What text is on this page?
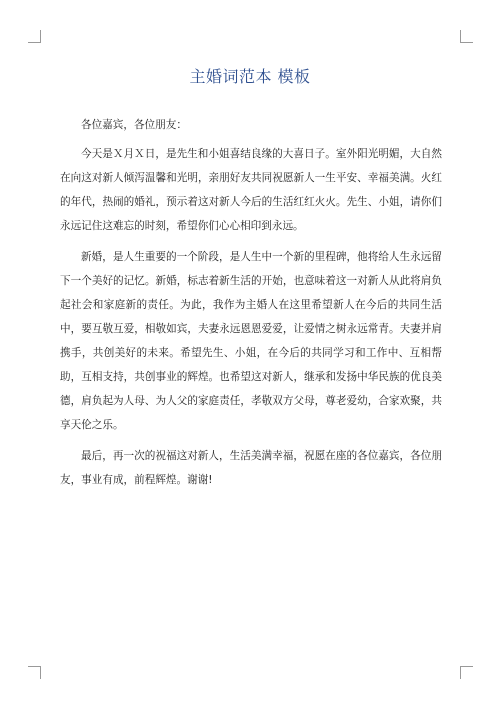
主婚词范本 模板

各位嘉宾，各位朋友：

今天是Ｘ月Ｘ日，是先生和小姐喜结良缘的大喜日子。室外阳光明媚，大自然在向这对新人倾泻温馨和光明，亲朋好友共同祝愿新人一生平安、幸福美满。火红的年代，热闹的婚礼，预示着这对新人今后的生活红红火火。先生、小姐，请你们永远记住这难忘的时刻，希望你们心心相印到永远。

新婚，是人生重要的一个阶段，是人生中一个新的里程碑，他将给人生永远留下一个美好的记忆。新婚，标志着新生活的开始，也意味着这一对新人从此将肩负起社会和家庭新的责任。为此，我作为主婚人在这里希望新人在今后的共同生活中，要互敬互爱，相敬如宾，夫妻永远恩恩爱爱，让爱情之树永远常青。夫妻并肩携手，共创美好的未来。希望先生、小姐，在今后的共同学习和工作中、互相帮助，互相支持，共创事业的辉煌。也希望这对新人，继承和发扬中华民族的优良美德，肩负起为人母、为人父的家庭责任，孝敬双方父母，尊老爱幼，合家欢聚，共享天伦之乐。

最后，再一次的祝福这对新人，生活美满幸福，祝愿在座的各位嘉宾，各位朋友，事业有成，前程辉煌。谢谢!
